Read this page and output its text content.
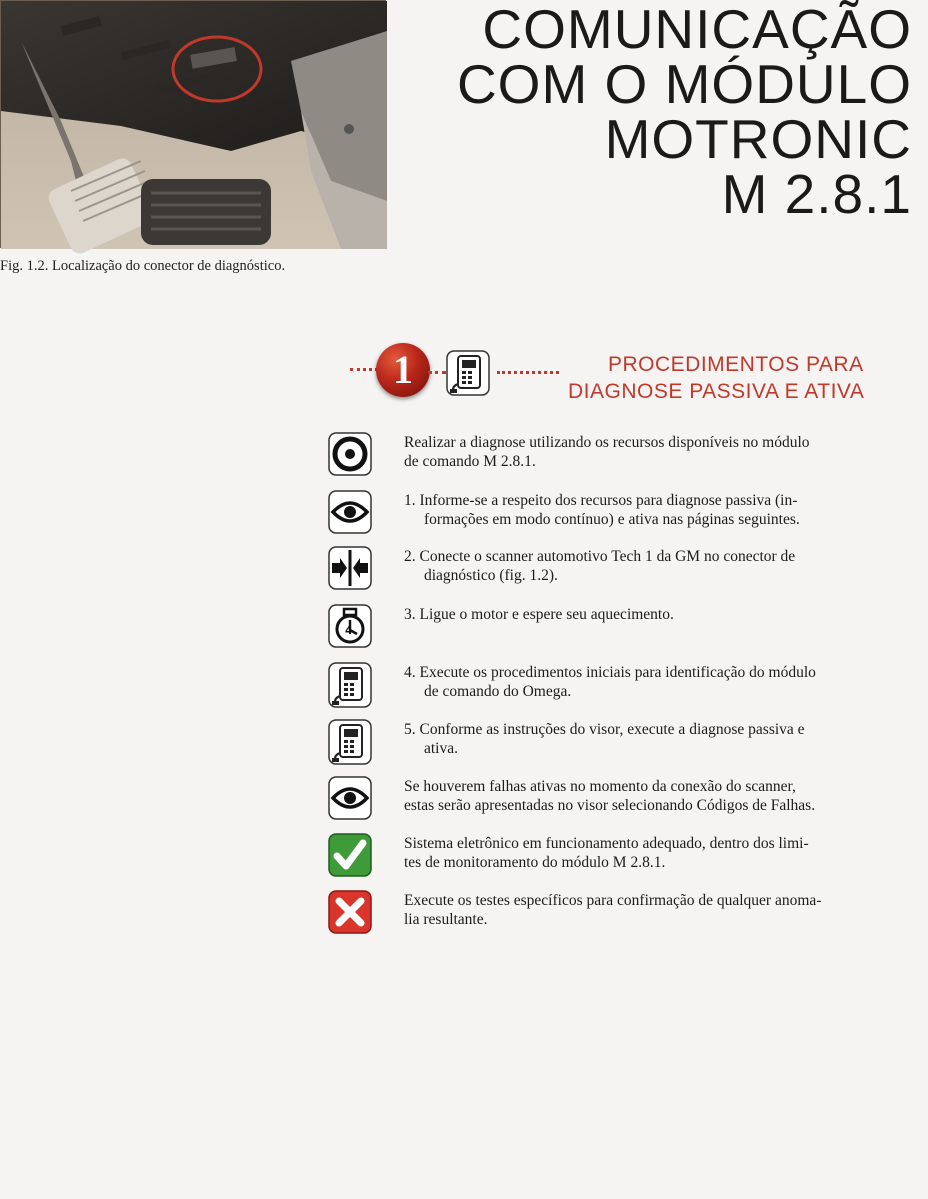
Fig. 1.2. Localização do conector de diagnóstico.
COMUNICAÇÃO
COM O MÓDULO
MOTRONIC
M 2.8.1
1	PROCEDIMENTOS PARA
DIAGNOSE PASSIVA E ATIVA
Realizar a diagnose utilizando os recursos disponíveis no módulo
de comando M 2.8.1.
1. Informe-se a respeito dos recursos para diagnose passiva (in-
formações em modo contínuo) e ativa nas páginas seguintes.
2. Conecte o scanner automotivo Tech 1 da GM no conector de
diagnóstico (fig. 1.2).
4
3. Ligue o motor e espere seu aquecimento.
4. Execute os procedimentos iniciais para identificação do módulo
de comando do Omega.
5. Conforme as instruções do visor, execute a diagnose passiva e
ativa.
Se houverem falhas ativas no momento da conexão do scanner,
estas serão apresentadas no visor selecionando Códigos de Falhas.
Sistema eletrônico em funcionamento adequado, dentro dos limi-
tes de monitoramento do módulo M 2.8.1.
Execute os testes específicos para confirmação de qualquer anoma-
lia resultante.
